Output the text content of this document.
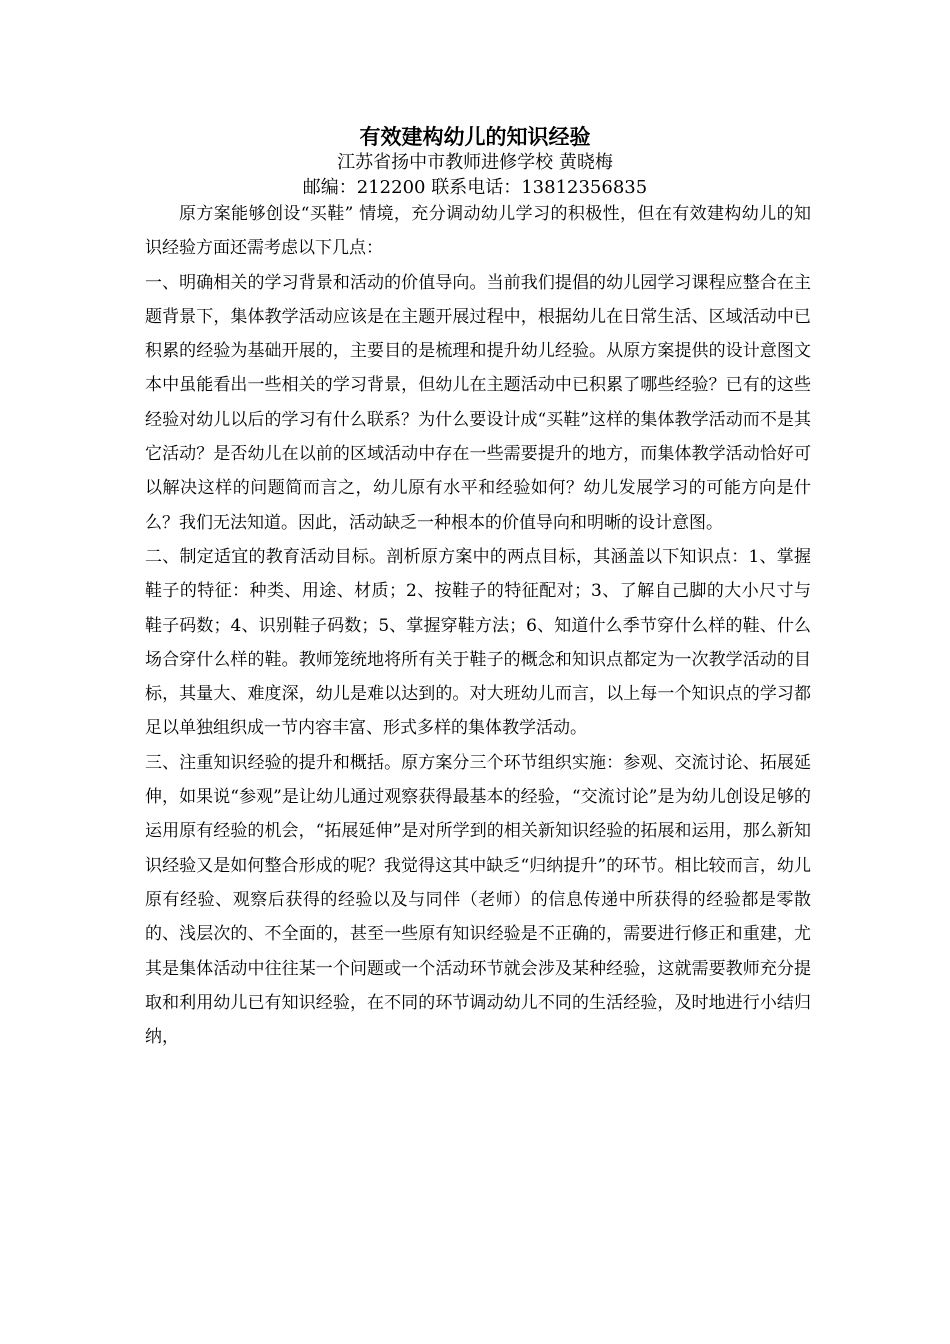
有效建构幼儿的知识经验
江苏省扬中市教师进修学校 黄晓梅
邮编：212200 联系电话：13812356835

原方案能够创设“买鞋” 情境，充分调动幼儿学习的积极性，但在有效建构幼儿的知识经验方面还需考虑以下几点：

一、明确相关的学习背景和活动的价值导向。当前我们提倡的幼儿园学习课程应整合在主题背景下，集体教学活动应该是在主题开展过程中，根据幼儿在日常生活、区域活动中已积累的经验为基础开展的，主要目的是梳理和提升幼儿经验。从原方案提供的设计意图文本中虽能看出一些相关的学习背景，但幼儿在主题活动中已积累了哪些经验？已有的这些经验对幼儿以后的学习有什么联系？为什么要设计成“买鞋”这样的集体教学活动而不是其它活动？是否幼儿在以前的区域活动中存在一些需要提升的地方，而集体教学活动恰好可以解决这样的问题简而言之，幼儿原有水平和经验如何？幼儿发展学习的可能方向是什么？我们无法知道。因此，活动缺乏一种根本的价值导向和明晰的设计意图。

二、制定适宜的教育活动目标。剖析原方案中的两点目标，其涵盖以下知识点：1、掌握鞋子的特征：种类、用途、材质；2、按鞋子的特征配对；3、了解自己脚的大小尺寸与鞋子码数；4、识别鞋子码数；5、掌握穿鞋方法；6、知道什么季节穿什么样的鞋、什么场合穿什么样的鞋。教师笼统地将所有关于鞋子的概念和知识点都定为一次教学活动的目标，其量大、难度深，幼儿是难以达到的。对大班幼儿而言，以上每一个知识点的学习都足以单独组织成一节内容丰富、形式多样的集体教学活动。

三、注重知识经验的提升和概括。原方案分三个环节组织实施：参观、交流讨论、拓展延伸，如果说“参观”是让幼儿通过观察获得最基本的经验，“交流讨论”是为幼儿创设足够的运用原有经验的机会，“拓展延伸”是对所学到的相关新知识经验的拓展和运用，那么新知识经验又是如何整合形成的呢？我觉得这其中缺乏“归纳提升”的环节。相比较而言，幼儿原有经验、观察后获得的经验以及与同伴（老师）的信息传递中所获得的经验都是零散的、浅层次的、不全面的，甚至一些原有知识经验是不正确的，需要进行修正和重建，尤其是集体活动中往往某一个问题或一个活动环节就会涉及某种经验，这就需要教师充分提取和利用幼儿已有知识经验，在不同的环节调动幼儿不同的生活经验，及时地进行小结归纳，
